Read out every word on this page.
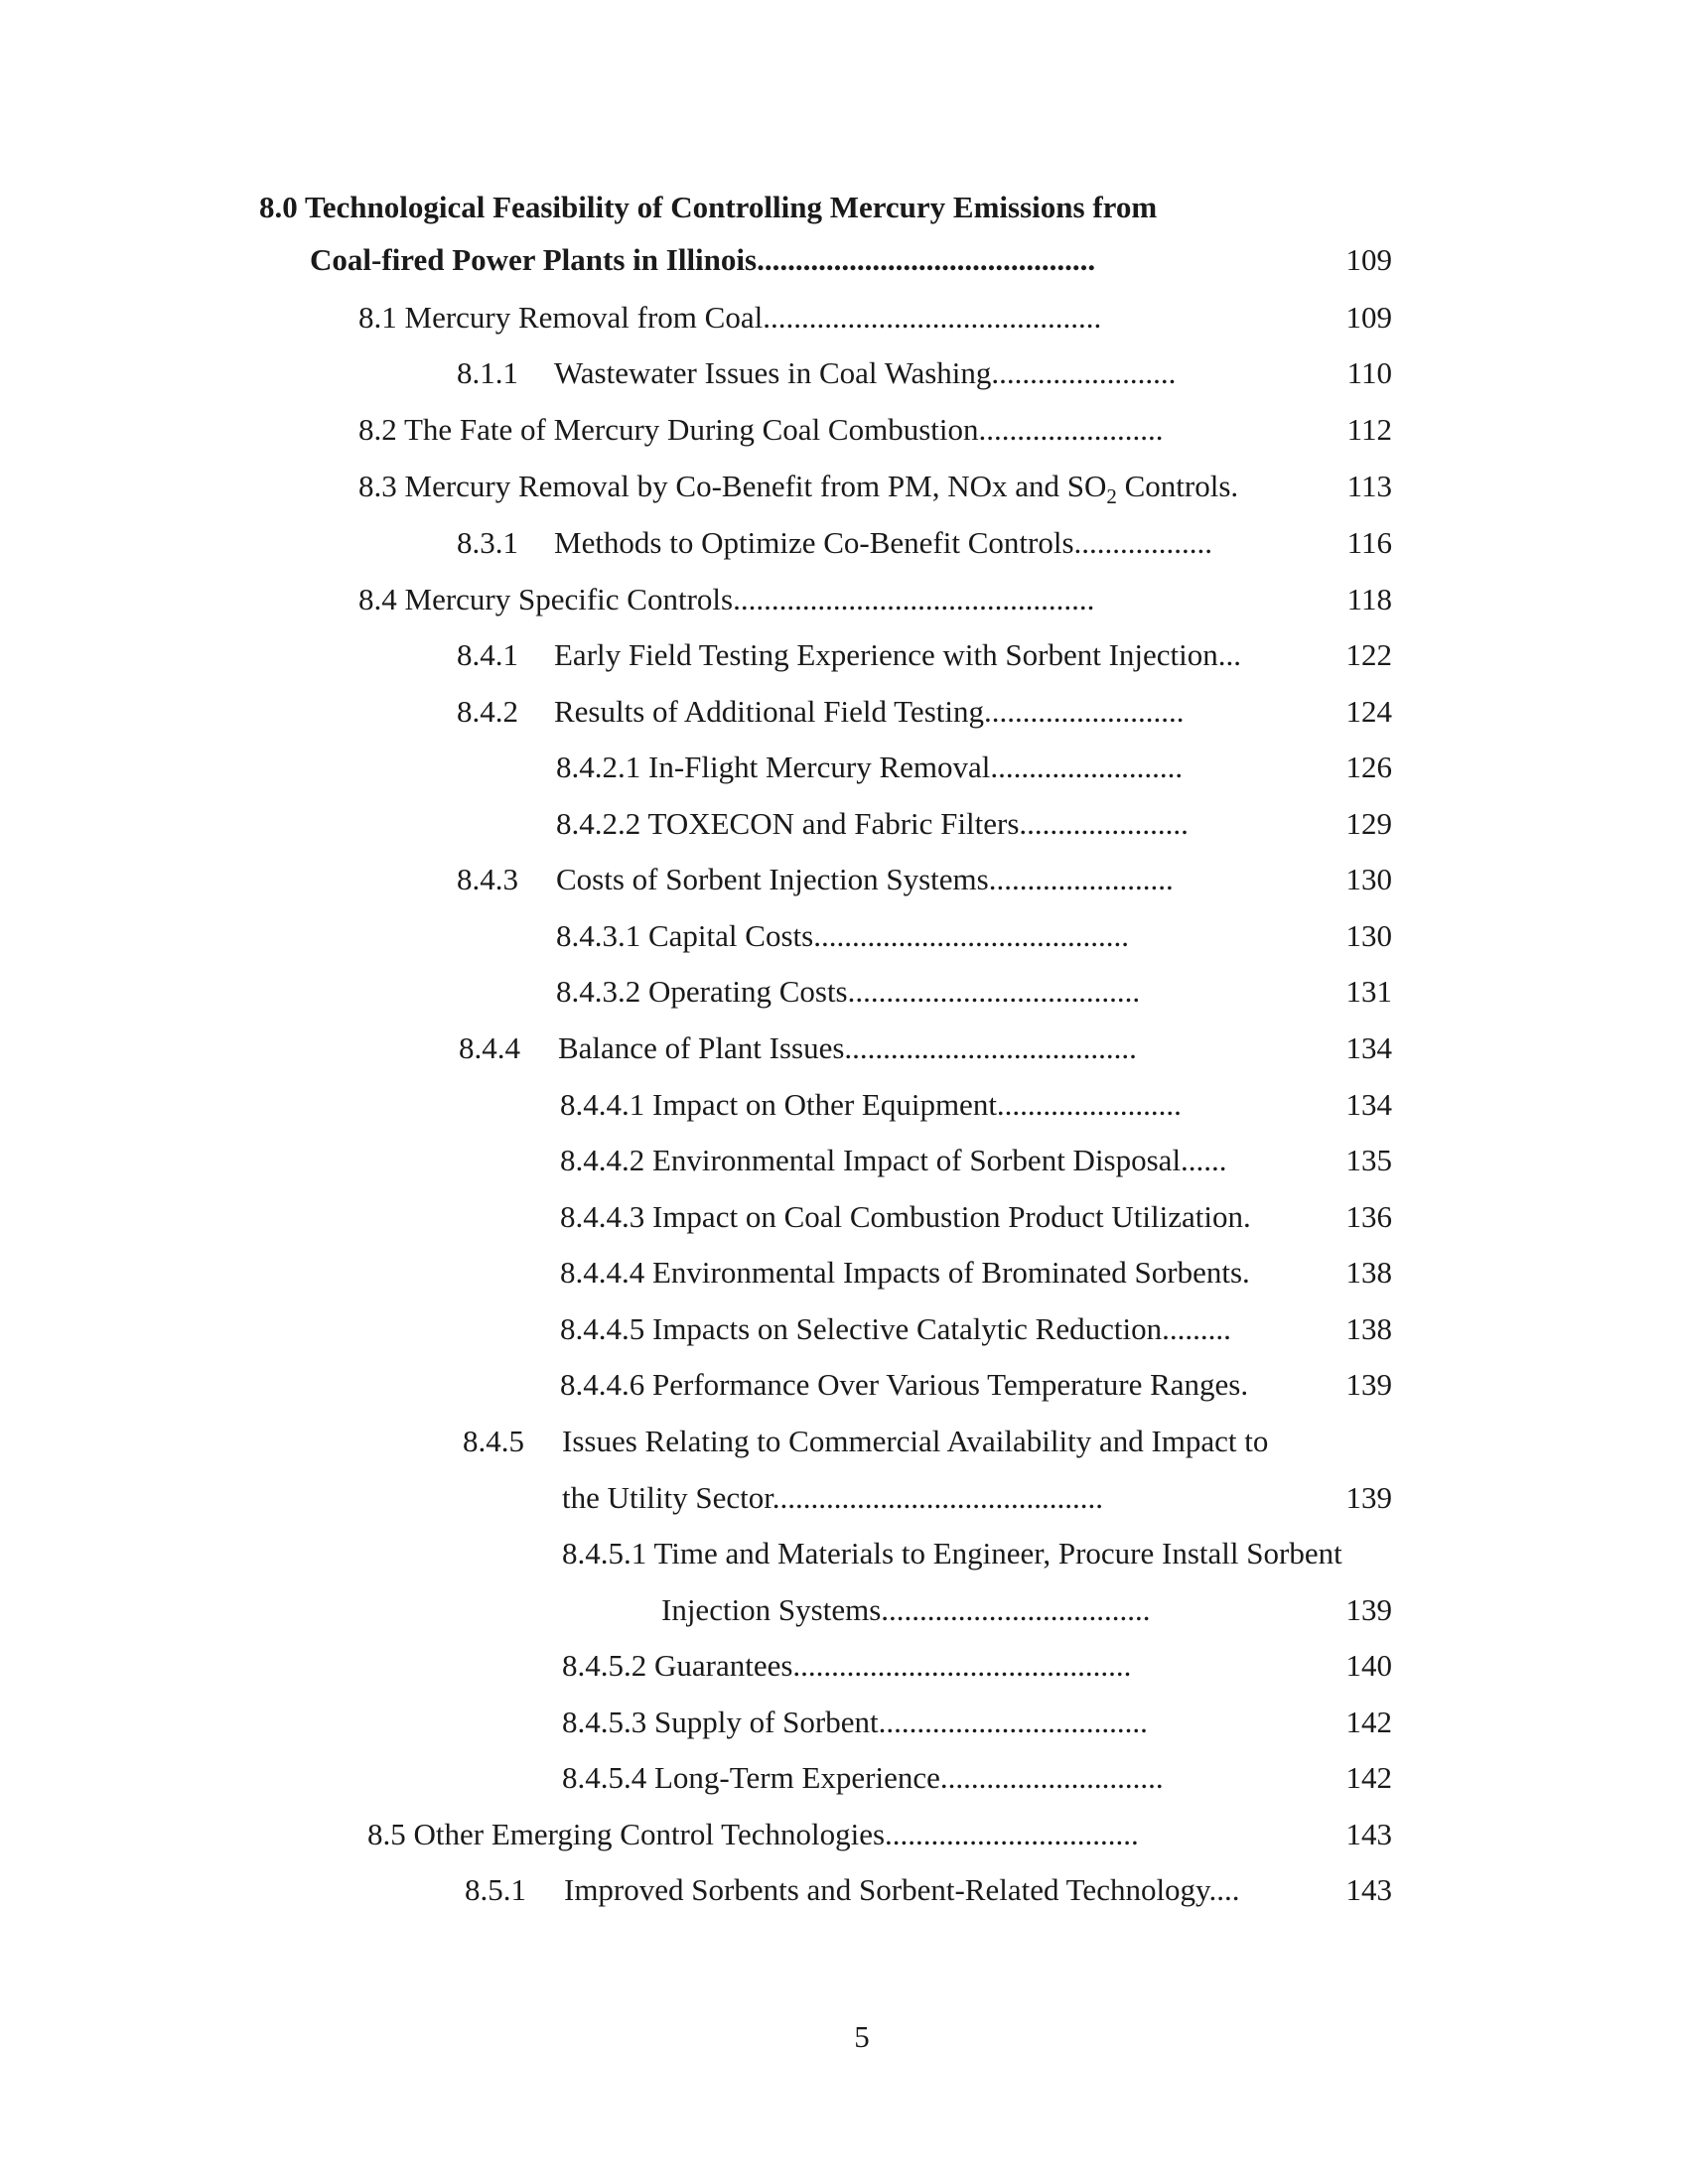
8.0 Technological Feasibility of Controlling Mercury Emissions from
Coal-fired Power Plants in Illinois............................................	109
8.1 Mercury Removal from Coal............................................	109
8.1.1 Wastewater Issues in Coal Washing........................	110
8.2 The Fate of Mercury During Coal Combustion........................	112
8.3 Mercury Removal by Co-Benefit from PM, NOx and $SO_2$ Controls.	113
8.3.1 Methods to Optimize Co-Benefit Controls..................	116
8.4 Mercury Specific Controls...............................................	118
8.4.1 Early Field Testing Experience with Sorbent Injection...	122
8.4.2 Results of Additional Field Testing..........................	124
8.4.2.1 In-Flight Mercury Removal.........................	126
8.4.2.2 TOXECON and Fabric Filters......................	129
8.4.3 Costs of Sorbent Injection Systems........................	130
8.4.3.1 Capital Costs.........................................	130
8.4.3.2 Operating Costs......................................	131
8.4.4 Balance of Plant Issues......................................	134
8.4.4.1 Impact on Other Equipment........................	134
8.4.4.2 Environmental Impact of Sorbent Disposal......	135
8.4.4.3 Impact on Coal Combustion Product Utilization.	136
8.4.4.4 Environmental Impacts of Brominated Sorbents.	138
8.4.4.5 Impacts on Selective Catalytic Reduction.........	138
8.4.4.6 Performance Over Various Temperature Ranges.	139
8.4.5 Issues Relating to Commercial Availability and Impact to
the Utility Sector...........................................	139
8.4.5.1 Time and Materials to Engineer, Procure Install Sorbent
Injection Systems...................................	139
8.4.5.2 Guarantees............................................	140
8.4.5.3 Supply of Sorbent...................................	142
8.4.5.4 Long-Term Experience.............................	142
8.5 Other Emerging Control Technologies.................................	143
8.5.1 Improved Sorbents and Sorbent-Related Technology....	143
5
